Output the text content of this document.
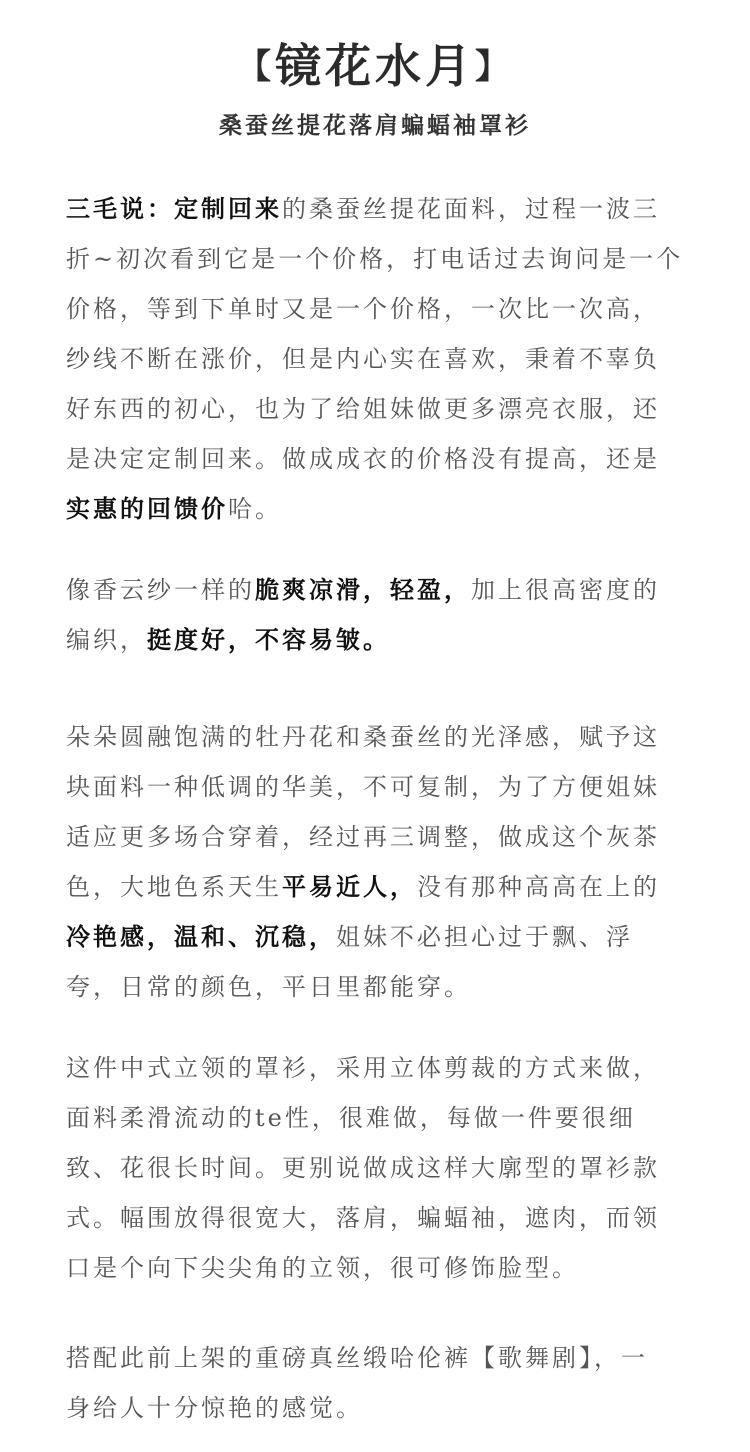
【镜花水月】
桑蚕丝提花落肩蝙蝠袖罩衫
三毛说：定制回来的桑蚕丝提花面料，过程一波三
折~初次看到它是一个价格，打电话过去询问是一个
价格，等到下单时又是一个价格，一次比一次高，
纱线不断在涨价，但是内心实在喜欢，秉着不辜负
好东西的初心，也为了给姐妹做更多漂亮衣服，还
是决定定制回来。做成成衣的价格没有提高，还是
实惠的回馈价哈。
像香云纱一样的脆爽凉滑，轻盈，加上很高密度的
编织，挺度好，不容易皱。
朵朵圆融饱满的牡丹花和桑蚕丝的光泽感，赋予这
块面料一种低调的华美，不可复制，为了方便姐妹
适应更多场合穿着，经过再三调整，做成这个灰茶
色，大地色系天生平易近人，没有那种高高在上的
冷艳感，温和、沉稳，姐妹不必担心过于飘、浮
夸，日常的颜色，平日里都能穿。
这件中式立领的罩衫，采用立体剪裁的方式来做，
面料柔滑流动的te性，很难做，每做一件要很细
致、花很长时间。更别说做成这样大廓型的罩衫款
式。幅围放得很宽大，落肩，蝙蝠袖，遮肉，而领
口是个向下尖尖角的立领，很可修饰脸型。
搭配此前上架的重磅真丝缎哈伦裤【歌舞剧】，一
身给人十分惊艳的感觉。
